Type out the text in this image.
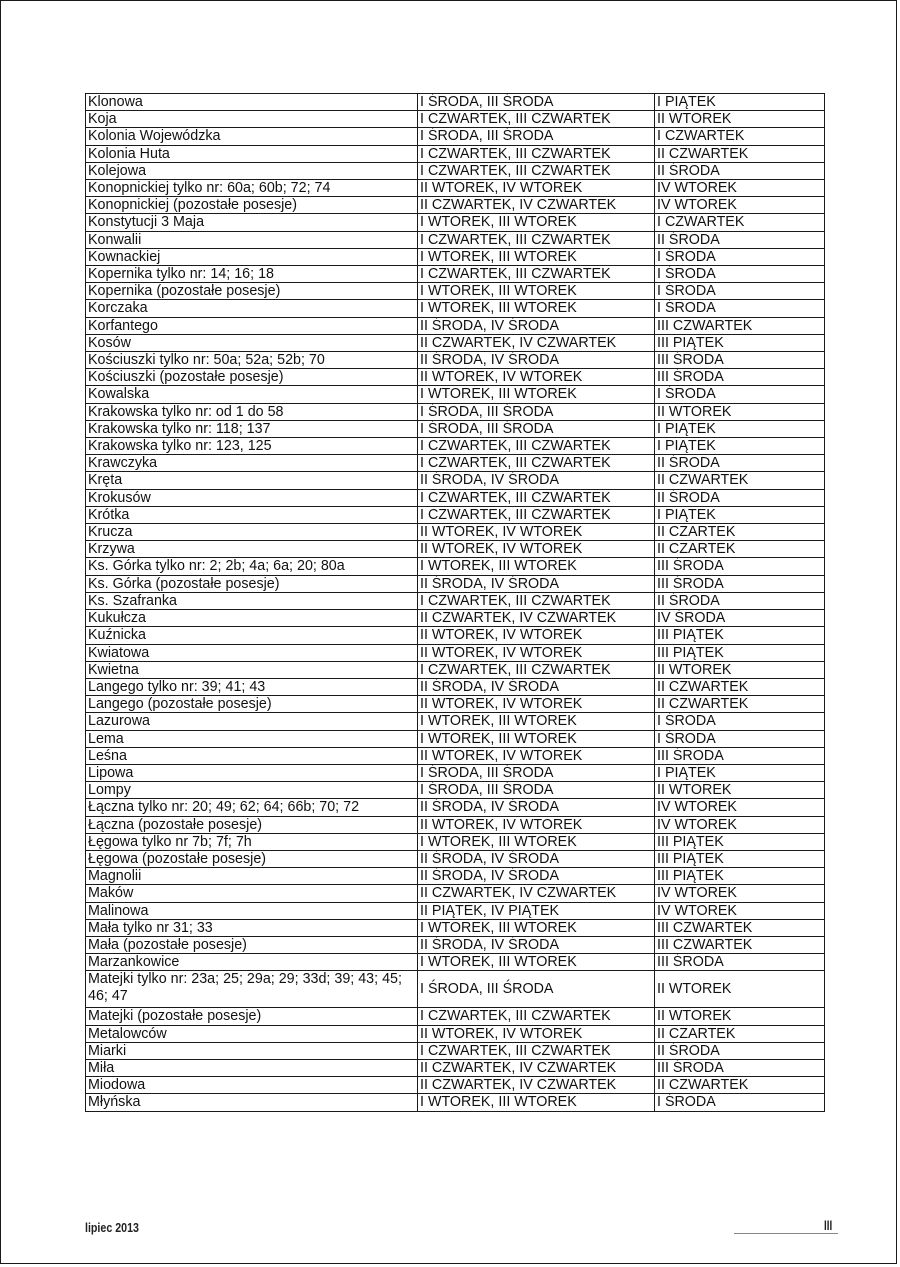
Klonowa	I ŚRODA, III ŚRODA	I PIĄTEK
Koja	I CZWARTEK, III CZWARTEK	II WTOREK
Kolonia Wojewódzka	I ŚRODA, III ŚRODA	I CZWARTEK
Kolonia Huta	I CZWARTEK, III CZWARTEK	II CZWARTEK
Kolejowa	I CZWARTEK, III CZWARTEK	II ŚRODA
Konopnickiej tylko nr: 60a; 60b; 72; 74	II WTOREK, IV WTOREK	IV WTOREK
Konopnickiej (pozostałe posesje)	II CZWARTEK, IV CZWARTEK	IV WTOREK
Konstytucji 3 Maja	I WTOREK, III WTOREK	I CZWARTEK
Konwalii	I CZWARTEK, III CZWARTEK	II ŚRODA
Kownackiej	I WTOREK, III WTOREK	I ŚRODA
Kopernika tylko nr: 14; 16; 18	I CZWARTEK, III CZWARTEK	I ŚRODA
Kopernika (pozostałe posesje)	I WTOREK, III WTOREK	I ŚRODA
Korczaka	I WTOREK, III WTOREK	I ŚRODA
Korfantego	II ŚRODA, IV ŚRODA	III CZWARTEK
Kosów	II CZWARTEK, IV CZWARTEK	III PIĄTEK
Kościuszki tylko nr: 50a; 52a; 52b; 70	II ŚRODA, IV ŚRODA	III ŚRODA
Kościuszki (pozostałe posesje)	II WTOREK, IV WTOREK	III ŚRODA
Kowalska	I WTOREK, III WTOREK	I ŚRODA
Krakowska tylko nr: od 1 do 58	I ŚRODA, III ŚRODA	II WTOREK
Krakowska tylko nr: 118; 137	I ŚRODA, III ŚRODA	I PIĄTEK
Krakowska tylko nr: 123, 125	I CZWARTEK, III CZWARTEK	I PIĄTEK
Krawczyka	I CZWARTEK, III CZWARTEK	II ŚRODA
Kręta	II ŚRODA, IV ŚRODA	II CZWARTEK
Krokusów	I CZWARTEK, III CZWARTEK	II ŚRODA
Krótka	I CZWARTEK, III CZWARTEK	I PIĄTEK
Krucza	II WTOREK, IV WTOREK	II CZARTEK
Krzywa	II WTOREK, IV WTOREK	II CZARTEK
Ks. Górka tylko nr: 2; 2b; 4a; 6a; 20; 80a	I WTOREK, III WTOREK	III ŚRODA
Ks. Górka (pozostałe posesje)	II ŚRODA, IV ŚRODA	III ŚRODA
Ks. Szafranka	I CZWARTEK, III CZWARTEK	II ŚRODA
Kukułcza	II CZWARTEK, IV CZWARTEK	IV ŚRODA
Kuźnicka	II WTOREK, IV WTOREK	III PIĄTEK
Kwiatowa	II WTOREK, IV WTOREK	III PIĄTEK
Kwietna	I CZWARTEK, III CZWARTEK	II WTOREK
Langego tylko nr: 39; 41; 43	II ŚRODA, IV ŚRODA	II CZWARTEK
Langego (pozostałe posesje)	II WTOREK, IV WTOREK	II CZWARTEK
Lazurowa	I WTOREK, III WTOREK	I ŚRODA
Lema	I WTOREK, III WTOREK	I ŚRODA
Leśna	II WTOREK, IV WTOREK	III ŚRODA
Lipowa	I ŚRODA, III ŚRODA	I PIĄTEK
Lompy	I ŚRODA, III ŚRODA	II WTOREK
Łączna tylko nr: 20; 49; 62; 64; 66b; 70; 72	II ŚRODA, IV ŚRODA	IV WTOREK
Łączna (pozostałe posesje)	II WTOREK, IV WTOREK	IV WTOREK
Łęgowa tylko nr 7b; 7f; 7h	I WTOREK, III WTOREK	III PIĄTEK
Łęgowa (pozostałe posesje)	II ŚRODA, IV ŚRODA	III PIĄTEK
Magnolii	II ŚRODA, IV ŚRODA	III PIĄTEK
Maków	II CZWARTEK, IV CZWARTEK	IV WTOREK
Malinowa	II PIĄTEK, IV PIĄTEK	IV WTOREK
Mała tylko nr 31; 33	I WTOREK, III WTOREK	III CZWARTEK
Mała (pozostałe posesje)	II ŚRODA, IV ŚRODA	III CZWARTEK
Marzankowice	I WTOREK, III WTOREK	III ŚRODA
Matejki tylko nr: 23a; 25; 29a; 29; 33d; 39; 43; 45; 46; 47	I ŚRODA, III ŚRODA	II WTOREK
Matejki (pozostałe posesje)	I CZWARTEK, III CZWARTEK	II WTOREK
Metalowców	II WTOREK, IV WTOREK	II CZARTEK
Miarki	I CZWARTEK, III CZWARTEK	II ŚRODA
Miła	II CZWARTEK, IV CZWARTEK	III ŚRODA
Miodowa	II CZWARTEK, IV CZWARTEK	II CZWARTEK
Młyńska	I WTOREK, III WTOREK	I ŚRODA
lipiec 2013	III
